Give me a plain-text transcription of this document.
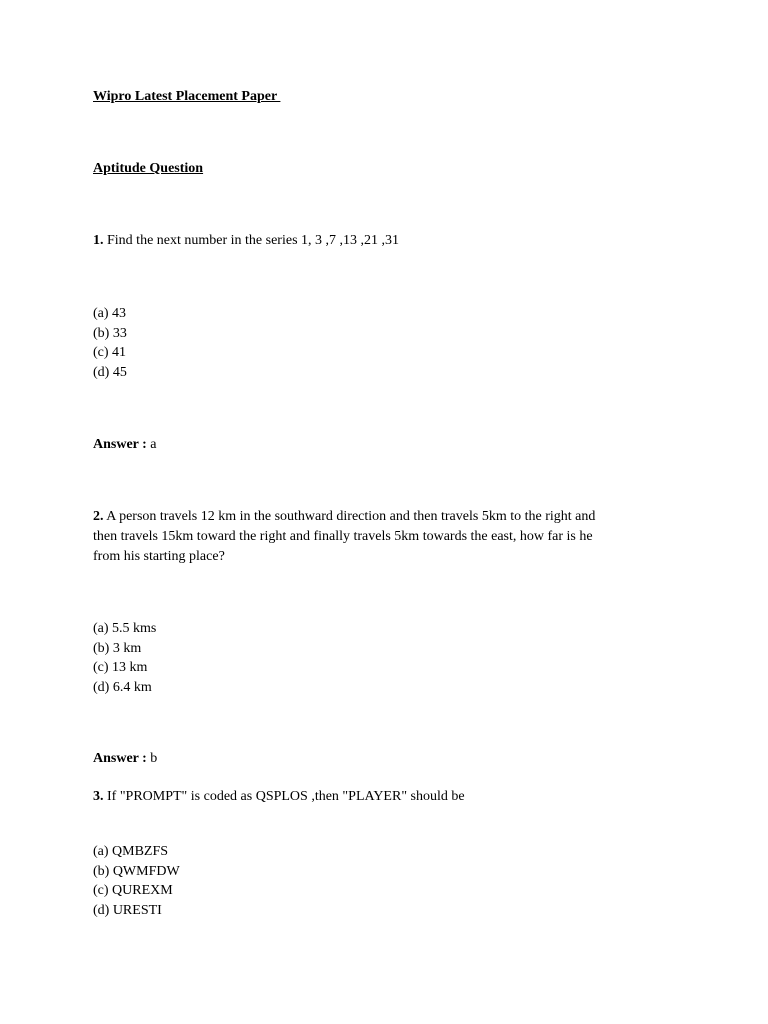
Wipro Latest Placement Paper
Aptitude Question
1. Find the next number in the series 1, 3 ,7 ,13 ,21 ,31
(a) 43
(b) 33
(c) 41
(d) 45
Answer : a
2. A person travels 12 km in the southward direction and then travels 5km to the right and
then travels 15km toward the right and finally travels 5km towards the east, how far is he
from his starting place?
(a) 5.5 kms
(b) 3 km
(c) 13 km
(d) 6.4 km
Answer : b
3. If "PROMPT" is coded as QSPLOS ,then "PLAYER" should be
(a) QMBZFS
(b) QWMFDW
(c) QUREXM
(d) URESTI
